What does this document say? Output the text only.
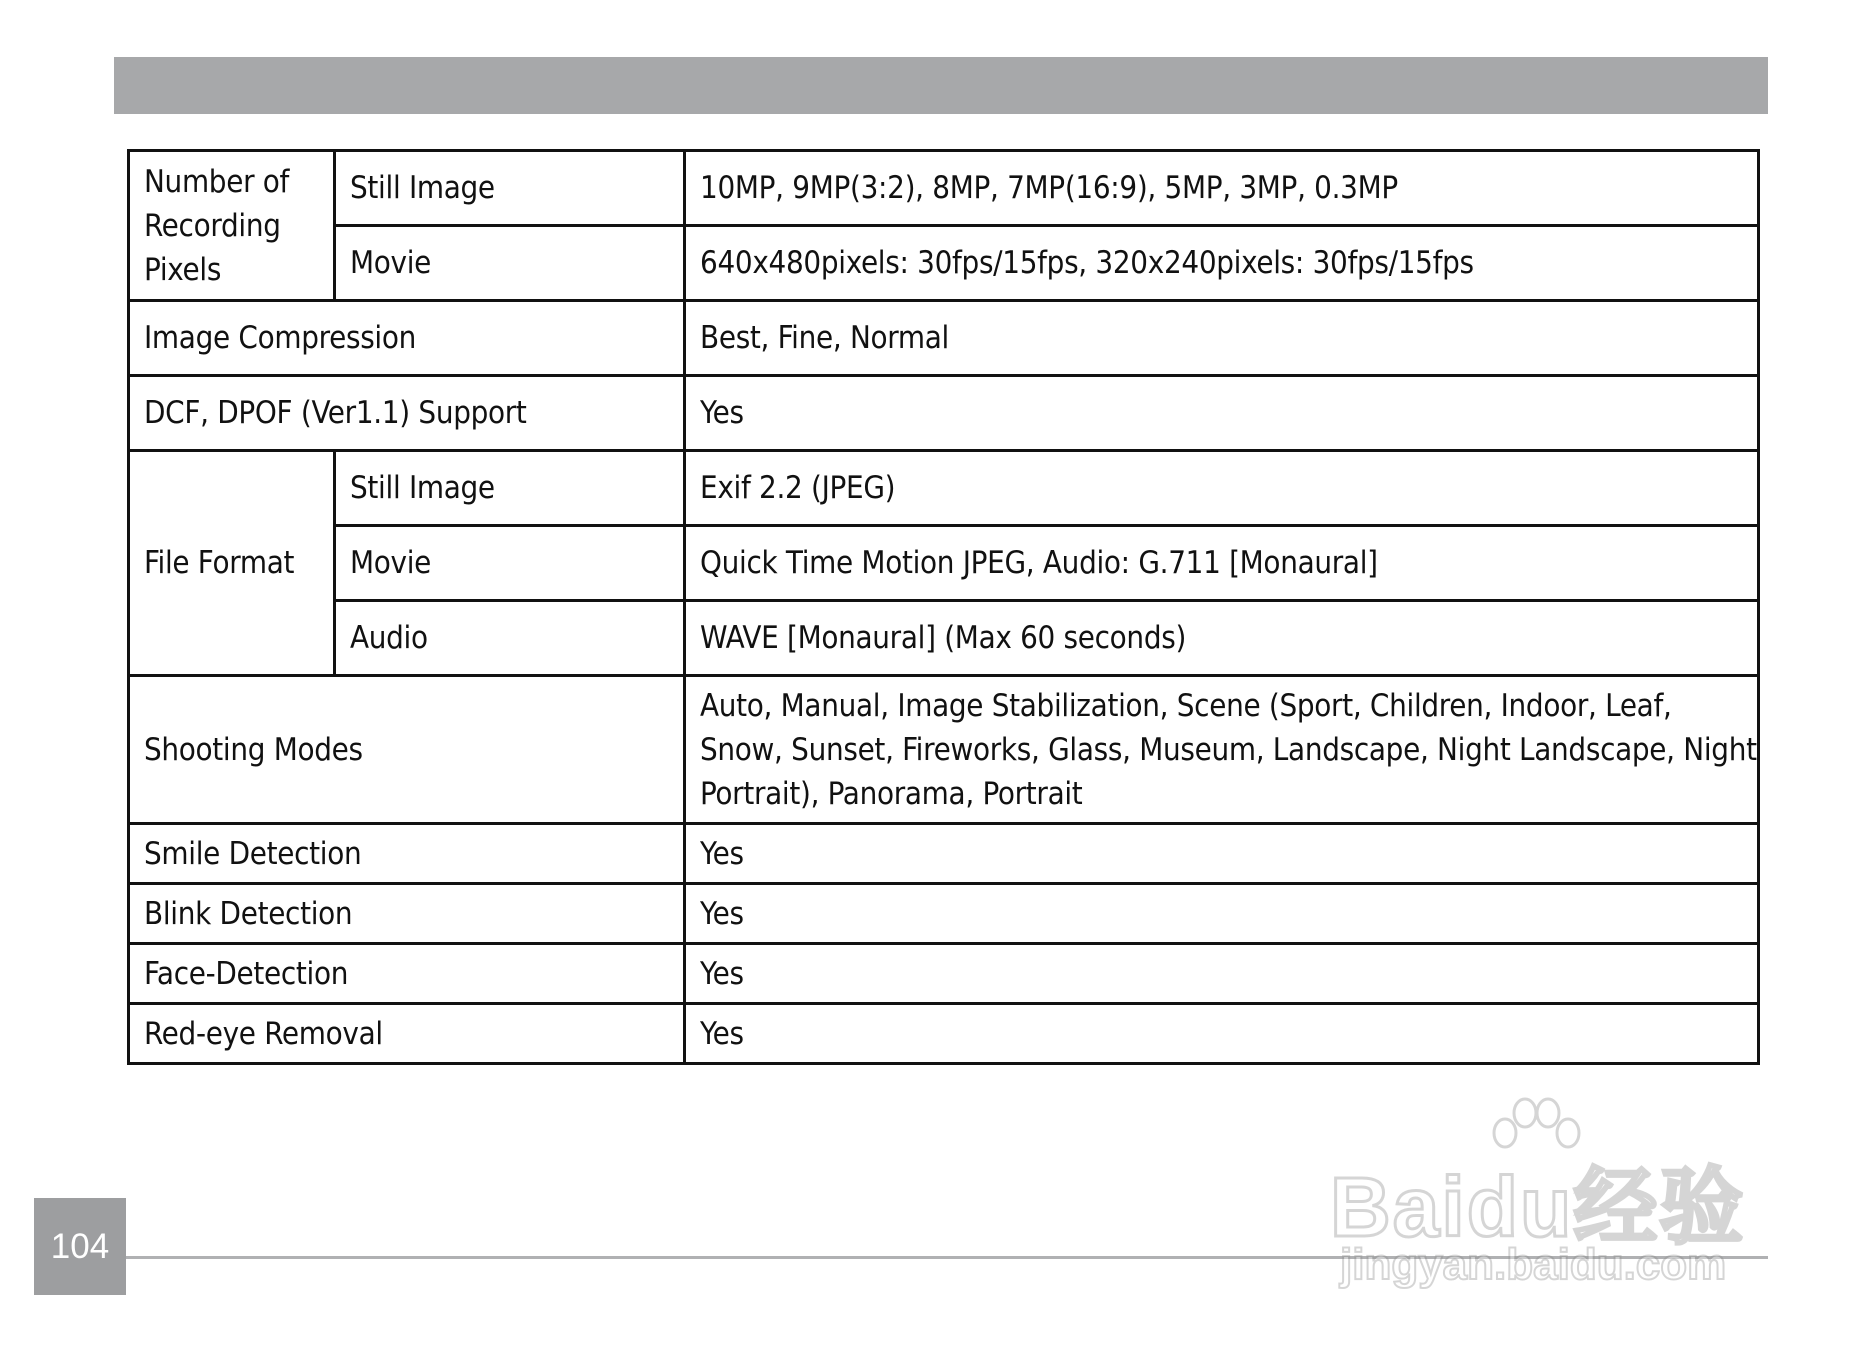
Number of
Recording
Pixels	Still Image	10MP, 9MP(3:2), 8MP, 7MP(16:9), 5MP, 3MP, 0.3MP
	Movie	640x480pixels: 30fps/15fps, 320x240pixels: 30fps/15fps
Image Compression		Best, Fine, Normal
DCF, DPOF (Ver1.1) Support		Yes
File Format	Still Image	Exif 2.2 (JPEG)
	Movie	Quick Time Motion JPEG, Audio: G.711 [Monaural]
	Audio	WAVE [Monaural] (Max 60 seconds)
Shooting Modes		Auto, Manual, Image Stabilization, Scene (Sport, Children, Indoor, Leaf, Snow, Sunset, Fireworks, Glass, Museum, Landscape, Night Landscape, Night Portrait), Panorama, Portrait
Smile Detection		Yes
Blink Detection		Yes
Face-Detection		Yes
Red-eye Removal		Yes
104	Baidu经验
jingyan.baidu.com
